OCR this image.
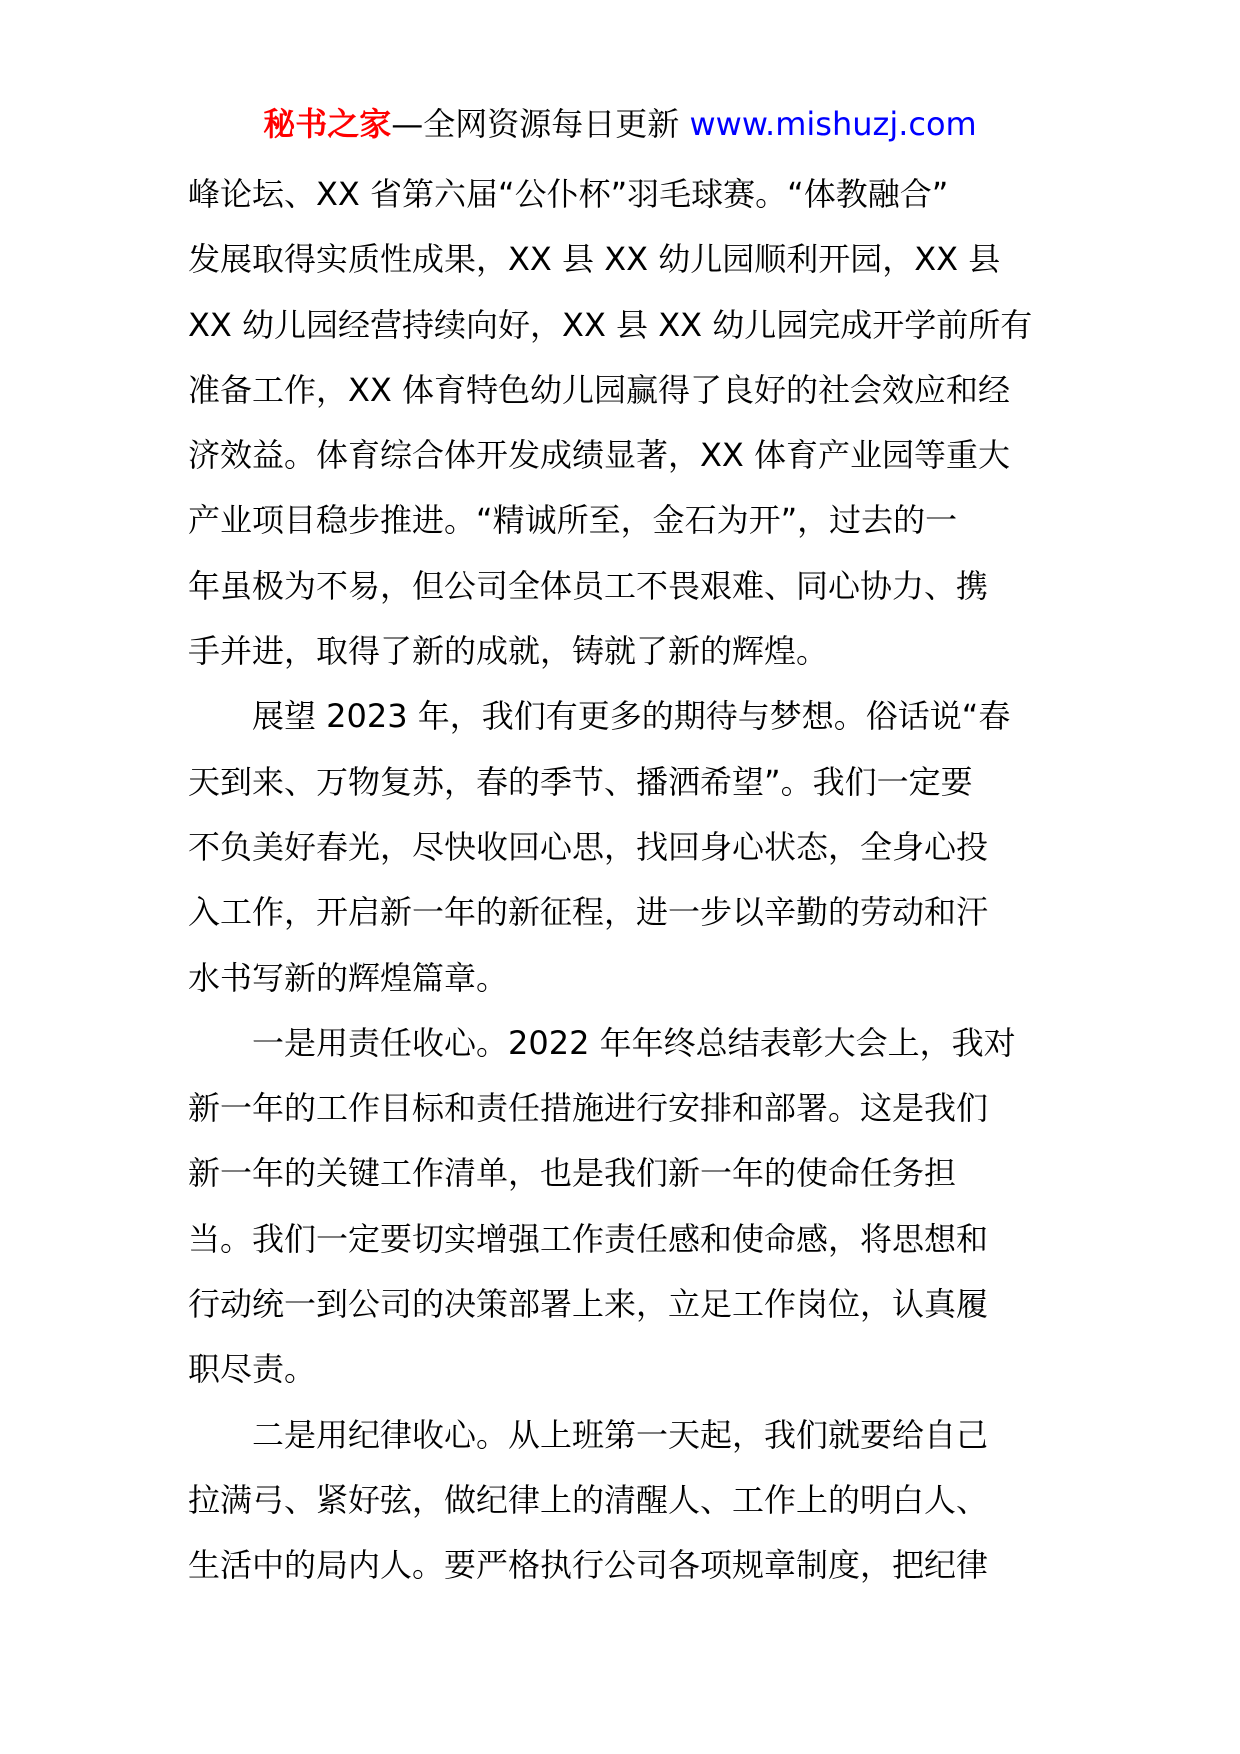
秘书之家—全网资源每日更新 www.mishuzj.com
峰论坛、XX 省第六届“公仆杯”羽毛球赛。“体教融合”
发展取得实质性成果，XX 县 XX 幼儿园顺利开园，XX 县
XX 幼儿园经营持续向好，XX 县 XX 幼儿园完成开学前所有
准备工作，XX 体育特色幼儿园赢得了良好的社会效应和经
济效益。体育综合体开发成绩显著，XX 体育产业园等重大
产业项目稳步推进。“精诚所至，金石为开”，过去的一
年虽极为不易，但公司全体员工不畏艰难、同心协力、携
手并进，取得了新的成就，铸就了新的辉煌。
展望 2023 年，我们有更多的期待与梦想。俗话说“春
天到来、万物复苏，春的季节、播洒希望”。我们一定要
不负美好春光，尽快收回心思，找回身心状态，全身心投
入工作，开启新一年的新征程，进一步以辛勤的劳动和汗
水书写新的辉煌篇章。
一是用责任收心。2022 年年终总结表彰大会上，我对
新一年的工作目标和责任措施进行安排和部署。这是我们
新一年的关键工作清单，也是我们新一年的使命任务担
当。我们一定要切实增强工作责任感和使命感，将思想和
行动统一到公司的决策部署上来，立足工作岗位，认真履
职尽责。
二是用纪律收心。从上班第一天起，我们就要给自己
拉满弓、紧好弦，做纪律上的清醒人、工作上的明白人、
生活中的局内人。要严格执行公司各项规章制度，把纪律
